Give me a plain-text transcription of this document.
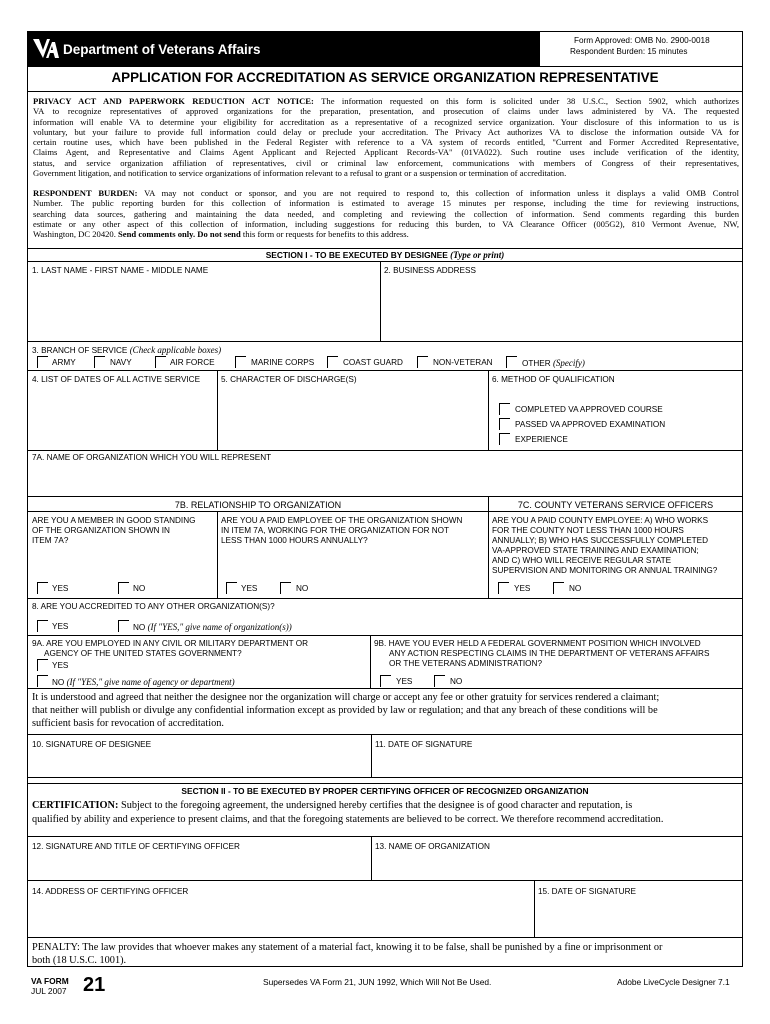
Department of Veterans Affairs
Form Approved: OMB No. 2900-0018
Respondent Burden: 15 minutes
APPLICATION FOR ACCREDITATION AS SERVICE ORGANIZATION REPRESENTATIVE
PRIVACY ACT AND PAPERWORK REDUCTION ACT NOTICE: The information requested on this form is solicited under 38 U.S.C., Section 5902, which authorizes
VA to recognize representatives of approved organizations for the preparation, presentation, and prosecution of claims under laws administered by VA. The requested
information will enable VA to determine your eligibility for accreditation as a representative of a recognized service organization. Your disclosure of this information to us is
voluntary, but your failure to provide full information could delay or preclude your accreditation. The Privacy Act authorizes VA to disclose the information outside VA for
certain routine uses, which have been published in the Federal Register with reference to a VA system of records entitled, "Current and Former Accredited Representative,
Claims Agent, and Representative and Claims Agent Applicant and Rejected Applicant Records-VA" (01VA022). Such routine uses include verification of the identity,
status, and service organization affiliation of representatives, civil or criminal law enforcement, communications with members of Congress of their representatives,
Government litigation, and notification to service organizations of information relevant to a refusal to grant or a suspension or termination of accreditation.
RESPONDENT BURDEN: VA may not conduct or sponsor, and you are not required to respond to, this collection of information unless it displays a valid OMB Control
Number. The public reporting burden for this collection of information is estimated to average 15 minutes per response, including the time for reviewing instructions,
searching data sources, gathering and maintaining the data needed, and completing and reviewing the collection of information. Send comments regarding this burden
estimate or any other aspect of this collection of information, including suggestions for reducing this burden, to VA Clearance Officer (005G2), 810 Vermont Avenue, NW,
Washington, DC 20420. Send comments only. Do not send this form or requests for benefits to this address.
SECTION I - TO BE EXECUTED BY DESIGNEE (Type or print)
1. LAST NAME - FIRST NAME - MIDDLE NAME	2. BUSINESS ADDRESS
3. BRANCH OF SERVICE (Check applicable boxes)
ARMY	NAVY	AIR FORCE	MARINE CORPS	COAST GUARD	NON-VETERAN	OTHER (Specify)
4. LIST OF DATES OF ALL ACTIVE SERVICE	5. CHARACTER OF DISCHARGE(S)	6. METHOD OF QUALIFICATION
COMPLETED VA APPROVED COURSE
PASSED VA APPROVED EXAMINATION
EXPERIENCE
7A. NAME OF ORGANIZATION WHICH YOU WILL REPRESENT
7B. RELATIONSHIP TO ORGANIZATION	7C. COUNTY VETERANS SERVICE OFFICERS
ARE YOU A MEMBER IN GOOD STANDING
OF THE ORGANIZATION SHOWN IN
ITEM 7A?
ARE YOU A PAID EMPLOYEE OF THE ORGANIZATION SHOWN
IN ITEM 7A, WORKING FOR THE ORGANIZATION FOR NOT
LESS THAN 1000 HOURS ANNUALLY?
ARE YOU A PAID COUNTY EMPLOYEE: A) WHO WORKS
FOR THE COUNTY NOT LESS THAN 1000 HOURS
ANNUALLY; B) WHO HAS SUCCESSFULLY COMPLETED
VA-APPROVED STATE TRAINING AND EXAMINATION;
AND C) WHO WILL RECEIVE REGULAR STATE
SUPERVISION AND MONITORING OR ANNUAL TRAINING?
YES	NO	YES	NO	YES	NO
8. ARE YOU ACCREDITED TO ANY OTHER ORGANIZATION(S)?
YES	NO (If "YES," give name of organization(s))
9A. ARE YOU EMPLOYED IN ANY CIVIL OR MILITARY DEPARTMENT OR
AGENCY OF THE UNITED STATES GOVERNMENT?
YES
NO (If "YES," give name of agency or department)
9B. HAVE YOU EVER HELD A FEDERAL GOVERNMENT POSITION WHICH INVOLVED
ANY ACTION RESPECTING CLAIMS IN THE DEPARTMENT OF VETERANS AFFAIRS
OR THE VETERANS ADMINISTRATION?
YES	NO
It is understood and agreed that neither the designee nor the organization will charge or accept any fee or other gratuity for services rendered a claimant;
that neither will publish or divulge any confidential information except as provided by law or regulation; and that any breach of these conditions will be
sufficient basis for revocation of accreditation.
10. SIGNATURE OF DESIGNEE	11. DATE OF SIGNATURE
SECTION II - TO BE EXECUTED BY PROPER CERTIFYING OFFICER OF RECOGNIZED ORGANIZATION
CERTIFICATION: Subject to the foregoing agreement, the undersigned hereby certifies that the designee is of good character and reputation, is
qualified by ability and experience to present claims, and that the foregoing statements are believed to be correct. We therefore recommend accreditation.
12. SIGNATURE AND TITLE OF CERTIFYING OFFICER	13. NAME OF ORGANIZATION
14. ADDRESS OF CERTIFYING OFFICER	15. DATE OF SIGNATURE
PENALTY: The law provides that whoever makes any statement of a material fact, knowing it to be false, shall be punished by a fine or imprisonment or
both (18 U.S.C. 1001).
VA FORM
JUL 2007 21	Supersedes VA Form 21, JUN 1992, Which Will Not Be Used.	Adobe LiveCycle Designer 7.1
